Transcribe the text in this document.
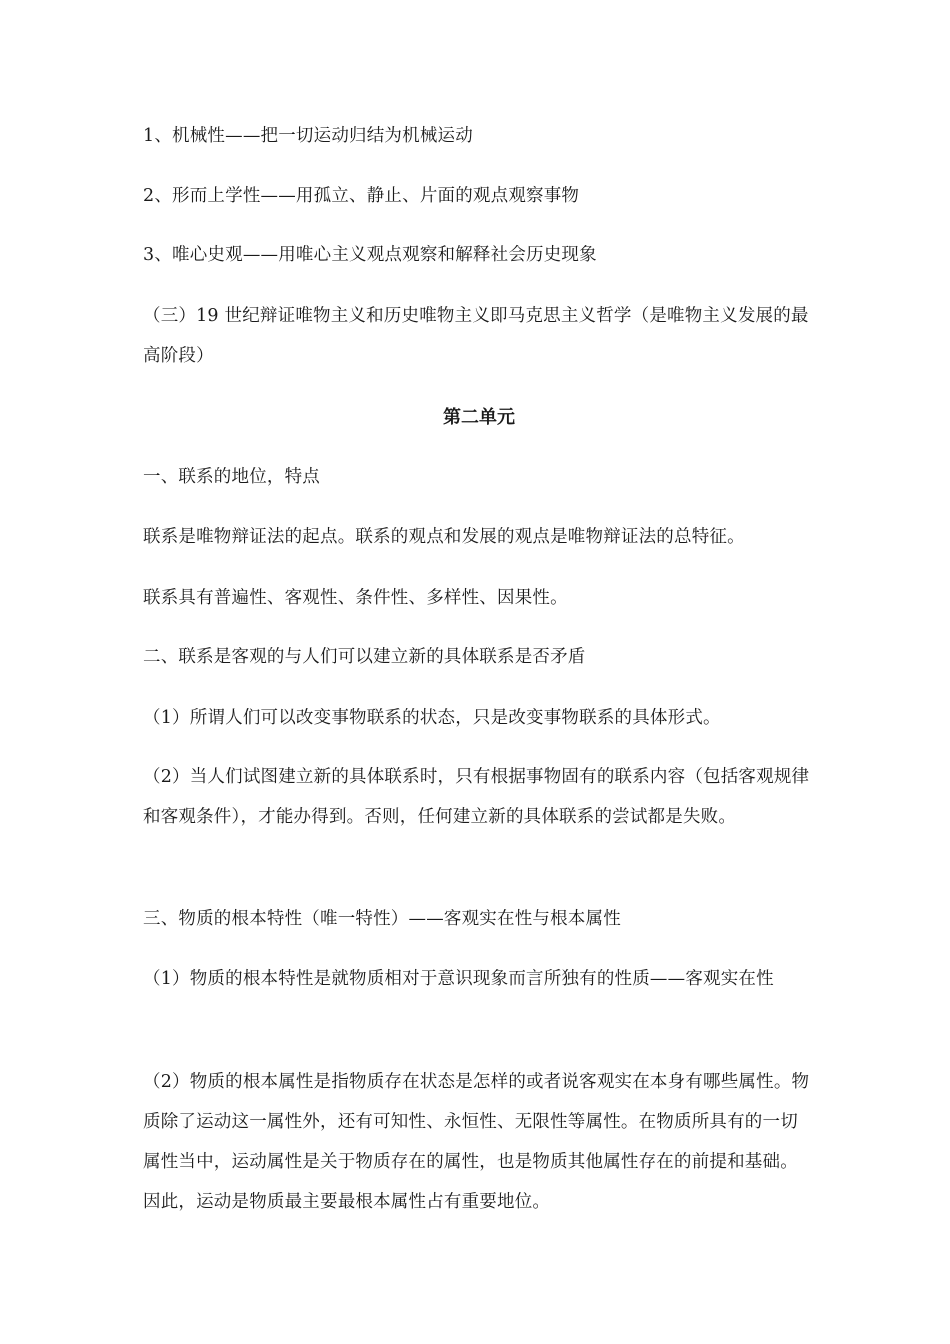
1、机械性——把一切运动归结为机械运动

2、形而上学性——用孤立、静止、片面的观点观察事物

3、唯心史观——用唯心主义观点观察和解释社会历史现象

（三）19 世纪辩证唯物主义和历史唯物主义即马克思主义哲学（是唯物主义发展的最高阶段）

第二单元

一、联系的地位，特点

联系是唯物辩证法的起点。联系的观点和发展的观点是唯物辩证法的总特征。

联系具有普遍性、客观性、条件性、多样性、因果性。

二、联系是客观的与人们可以建立新的具体联系是否矛盾

（1）所谓人们可以改变事物联系的状态，只是改变事物联系的具体形式。

（2）当人们试图建立新的具体联系时，只有根据事物固有的联系内容（包括客观规律和客观条件），才能办得到。否则，任何建立新的具体联系的尝试都是失败。

三、物质的根本特性（唯一特性）——客观实在性与根本属性

（1）物质的根本特性是就物质相对于意识现象而言所独有的性质——客观实在性

（2）物质的根本属性是指物质存在状态是怎样的或者说客观实在本身有哪些属性。物质除了运动这一属性外，还有可知性、永恒性、无限性等属性。在物质所具有的一切属性当中，运动属性是关于物质存在的属性，也是物质其他属性存在的前提和基础。因此，运动是物质最主要最根本属性占有重要地位。
